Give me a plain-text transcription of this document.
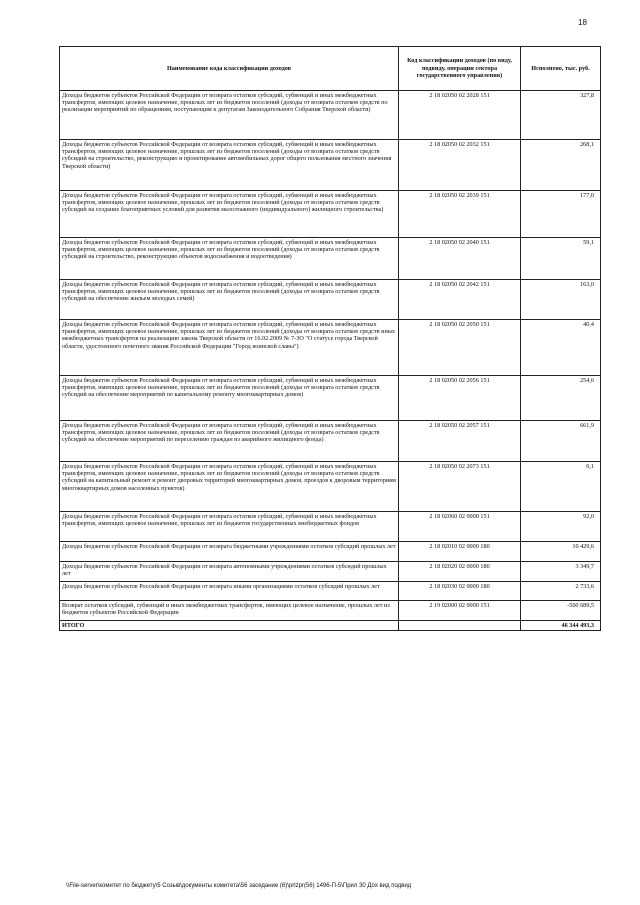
18
Наименование кода классификации доходов	Код классификации доходов (по виду, подвиду, операции сектора государственного управления)	Исполнено, тыс. руб.
Доходы бюджетов субъектов Российской Федерации от возврата остатков субсидий, субвенций и иных межбюджетных трансфертов, имеющих целевое назначение, прошлых лет из бюджетов поселений (доходы от возврата остатков средств по реализации мероприятий по обращениям, поступающим к депутатам Законодательного Собрания Тверской области)	2 18 02050 02 2028 151	327,8
Доходы бюджетов субъектов Российской Федерации от возврата остатков субсидий, субвенций и иных межбюджетных трансфертов, имеющих целевое назначение, прошлых лет из бюджетов поселений (доходы от возврата остатков средств субсидий на строительство, реконструкцию и проектирование автомобильных дорог общего пользования местного значения Тверской области)	2 18 02050 02 2032 151	268,1
Доходы бюджетов субъектов Российской Федерации от возврата остатков субсидий, субвенций и иных межбюджетных трансфертов, имеющих целевое назначение, прошлых лет из бюджетов поселений (доходы от возврата остатков средств субсидий на создание благоприятных условий для развития малоэтажного (индивидуального) жилищного строительства)	2 18 02050 02 2039 151	177,0
Доходы бюджетов субъектов Российской Федерации от возврата остатков субсидий, субвенций и иных межбюджетных трансфертов, имеющих целевое назначение, прошлых лет из бюджетов поселений (доходы от возврата остатков средств субсидий на строительство, реконструкцию объектов водоснабжения и водоотведения)	2 18 02050 02 2040 151	59,1
Доходы бюджетов субъектов Российской Федерации от возврата остатков субсидий, субвенций и иных межбюджетных трансфертов, имеющих целевое назначение, прошлых лет из бюджетов поселений (доходы от возврата остатков средств субсидий на обеспечение жильем молодых семей)	2 18 02050 02 2042 151	163,0
Доходы бюджетов субъектов Российской Федерации от возврата остатков субсидий, субвенций и иных межбюджетных трансфертов, имеющих целевое назначение, прошлых лет из бюджетов поселений (доходы от возврата остатков средств иных межбюджетных трансфертов на реализацию закона Тверской области от 16.02.2009 № 7-ЗО "О статусе города Тверской области, удостоенного почетного звания Российской Федерации "Город воинской славы")	2 18 02050 02 2050 151	40,4
Доходы бюджетов субъектов Российской Федерации от возврата остатков субсидий, субвенций и иных межбюджетных трансфертов, имеющих целевое назначение, прошлых лет из бюджетов поселений (доходы от возврата остатков средств субсидий на обеспечение мероприятий по капитальному ремонту многоквартирных домов)	2 18 02050 02 2056 151	254,6
Доходы бюджетов субъектов Российской Федерации от возврата остатков субсидий, субвенций и иных межбюджетных трансфертов, имеющих целевое назначение, прошлых лет из бюджетов поселений (доходы от возврата остатков средств субсидий на обеспечение мероприятий по переселению граждан из аварийного жилищного фонда)	2 18 02050 02 2057 151	661,9
Доходы бюджетов субъектов Российской Федерации от возврата остатков субсидий, субвенций и иных межбюджетных трансфертов, имеющих целевое назначение, прошлых лет из бюджетов поселений (доходы от возврата остатков средств субсидий на капитальный ремонт и ремонт дворовых территорий многоквартирных домов, проездов к дворовым территориям многоквартирных домов населенных пунктов)	2 18 02050 02 2073 151	0,1
Доходы бюджетов субъектов Российской Федерации от возврата остатков субсидий, субвенций и иных межбюджетных трансфертов, имеющих целевое назначение, прошлых лет из бюджетов государственных внебюджетных фондов	2 18 02060 02 0000 151	92,0
Доходы бюджетов субъектов Российской Федерации от возврата бюджетными учреждениями остатков субсидий прошлых лет	2 18 02010 02 0000 180	10 429,6
Доходы бюджетов субъектов Российской Федерации от возврата автономными учреждениями остатков субсидий прошлых лет	2 18 02020 02 0000 180	3 349,7
Доходы бюджетов субъектов Российской Федерации от возврата иными организациями остатков субсидий прошлых лет	2 18 02030 02 0000 180	2 733,6
Возврат остатков субсидий, субвенций и иных межбюджетных трансфертов, имеющих целевое назначение, прошлых лет из бюджетов субъектов Российской Федерации	2 19 02000 02 0000 151	-560 689,5
ИТОГО		46 344 493,3
\\File-server\комитет по бюджету\5 Созыв\документы комитета\56 заседание (6)\prlzpr(56) 1496-П-5\Прил 30 Дох вид подвид
